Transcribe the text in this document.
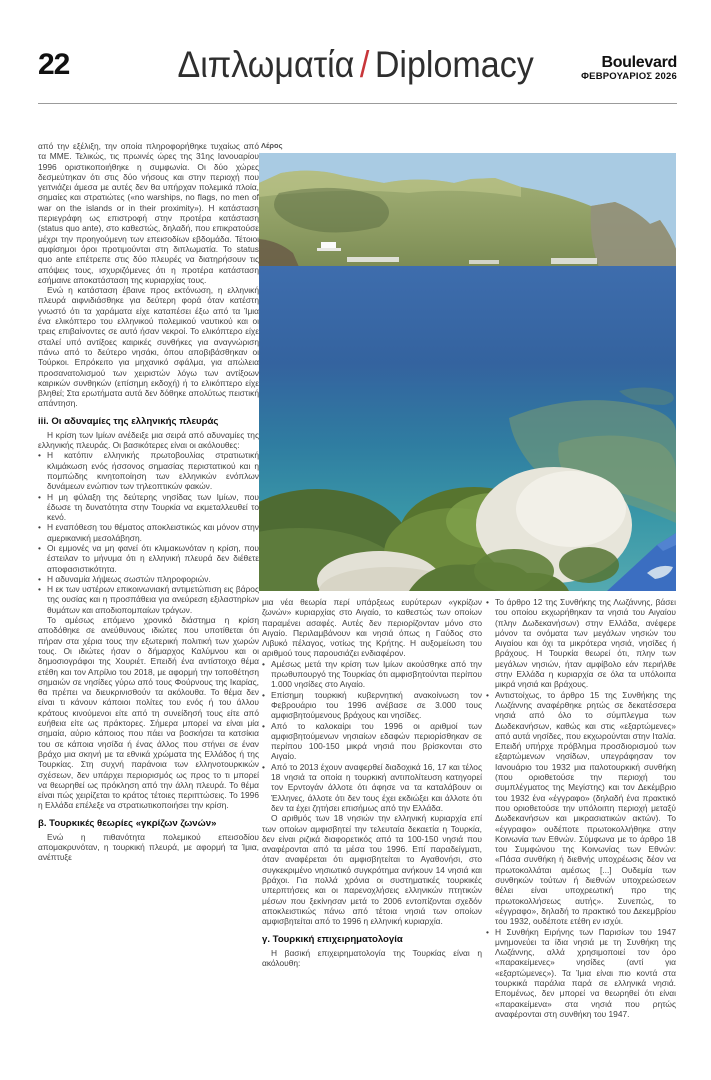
22	Διπλωματία / Diplomacy	Boulevard
ΦΕΒΡΟΥΑΡΙΟΣ 2026
Λέρος
από την εξέλιξη, την οποία πληροφορήθηκε τυχαίως από τα ΜΜΕ. Τελικώς, τις πρωινές ώρες της 31ης Ιανουαρίου 1996 οριστικοποιήθηκε η συμφωνία. Οι δύο χώρες δεσμεύτηκαν ότι στις δύο νήσους και στην περιοχή που γειτνιάζει άμεσα με αυτές δεν θα υπήρχαν πολεμικά πλοία, σημαίες και στρατιώτες («no warships, no flags, no men of war on the islands or in their proximity»). Η κατάσταση περιεγράφη ως επιστροφή στην προτέρα κατάσταση (status quo ante), στο καθεστώς, δηλαδή, που επικρατούσε μέχρι την προηγούμενη των επεισοδίων εβδομάδα. Τέτοιοι αμφίσημοι όροι προτιμούνται στη διπλωματία. Το status quo ante επέτρεπε στις δύο πλευρές να διατηρήσουν τις απόψεις τους, ισχυριζόμενες ότι η προτέρα κατάσταση εσήμαινε αποκατάσταση της κυριαρχίας τους.
Ενώ η κατάσταση έβαινε προς εκτόνωση, η ελληνική πλευρά αιφνιδιάσθηκε για δεύτερη φορά όταν κατέστη γνωστό ότι τα χαράματα είχε καταπέσει έξω από τα Ίμια ένα ελικόπτερο του ελληνικού πολεμικού ναυτικού και οι τρεις επιβαίνοντες σε αυτό ήσαν νεκροί. Το ελικόπτερο είχε σταλεί υπό αντίξοες καιρικές συνθήκες για αναγνώριση πάνω από το δεύτερο νησάκι, όπου αποβιβάσθηκαν οι Τούρκοι. Επρόκειτο για μηχανικό σφάλμα, για απώλεια προσανατολισμού των χειριστών λόγω των αντίξοων καιρικών συνθηκών (επίσημη εκδοχή) ή το ελικόπτερο είχε βληθεί; Στα ερωτήματα αυτά δεν δόθηκε απολύτως πειστική απάντηση.
iii. Οι αδυναμίες της ελληνικής πλευράς
Η κρίση των Ιμίων ανέδειξε μια σειρά από αδυναμίες της ελληνικής πλευράς. Οι βασικότερες είναι οι ακόλουθες:
• Η κατόπιν ελληνικής πρωτοβουλίας στρατιωτική κλιμάκωση ενός ήσσονος σημασίας περιστατικού και η πομπώδης κινητοποίηση των ελληνικών ενόπλων δυνάμεων ενώπιον των τηλεοπτικών φακών.
• Η μη φύλαξη της δεύτερης νησίδας των Ιμίων, που έδωσε τη δυνατότητα στην Τουρκία να εκμεταλλευθεί το κενό.
• Η εναπόθεση του θέματος αποκλειστικώς και μόνον στην αμερικανική μεσολάβηση.
• Οι εμμονές να μη φανεί ότι κλιμακωνόταν η κρίση, που έστειλαν το μήνυμα ότι η ελληνική πλευρά δεν διέθετε αποφασιστικότητα.
• Η αδυναμία λήψεως σωστών πληροφοριών.
• Η εκ των υστέρων επικοινωνιακή αντιμετώπιση εις βάρος της ουσίας και η προσπάθεια για ανεύρεση εξιλαστηρίων θυμάτων και αποδιοπομπαίων τράγων.
Το αμέσως επόμενο χρονικό διάστημα η κρίση αποδόθηκε σε ανεύθυνους ιδιώτες που υποτίθεται ότι πήραν στα χέρια τους την εξωτερική πολιτική των χωρών τους. Οι ιδιώτες ήσαν ο δήμαρχος Καλύμνου και οι δημοσιογράφοι της Χουριέτ. Επειδή ένα αντίστοιχο θέμα ετέθη και τον Απρίλιο του 2018, με αφορμή την τοποθέτηση σημαιών σε νησίδες γύρω από τους Φούρνους της Ικαρίας, θα πρέπει να διευκρινισθούν τα ακόλουθα. Το θέμα δεν είναι τι κάνουν κάποιοι πολίτες του ενός ή του άλλου κράτους κινούμενοι είτε από τη συνείδησή τους είτε από ευήθεια είτε ως πράκτορες. Σήμερα μπορεί να είναι μία σημαία, αύριο κάποιος που πάει να βοσκήσει τα κατσίκια του σε κάποια νησίδα ή ένας άλλος που στήνει σε έναν βράχο μια σκηνή με τα εθνικά χρώματα της Ελλάδος ή της Τουρκίας. Στη συχνή παράνοια των ελληνοτουρκικών σχέσεων, δεν υπάρχει περιορισμός ως προς το τι μπορεί να θεωρηθεί ως πρόκληση από την άλλη πλευρά. Το θέμα είναι πώς χειρίζεται το κράτος τέτοιες περιπτώσεις. Το 1996 η Ελλάδα επέλεξε να στρατιωτικοποιήσει την κρίση.
β. Τουρκικές θεωρίες «γκρίζων ζωνών»
Ενώ η πιθανότητα πολεμικού επεισοδίου απομακρυνόταν, η τουρκική πλευρά, με αφορμή τα Ίμια, ανέπτυξε
μια νέα θεωρία περί υπάρξεως ευρύτερων «γκρίζων ζωνών» κυριαρχίας στο Αιγαίο, το καθεστώς των οποίων παραμένει ασαφές. Αυτές δεν περιορίζονταν μόνο στο Αιγαίο. Περιλαμβάνουν και νησιά όπως η Γαύδος στο Λιβυκό πέλαγος, νοτίως της Κρήτης. Η αυξομείωση του αριθμού τους παρουσιάζει ενδιαφέρον.
• Αμέσως μετά την κρίση των Ιμίων ακούσθηκε από την πρωθυπουργό της Τουρκίας ότι αμφισβητούνται περίπου 1.000 νησίδες στο Αιγαίο.
• Επίσημη τουρκική κυβερνητική ανακοίνωση τον Φεβρουάριο του 1996 ανέβασε σε 3.000 τους αμφισβητούμενους βράχους και νησίδες.
• Από το καλοκαίρι του 1996 οι αριθμοί των αμφισβητούμενων νησιαίων εδαφών περιορίσθηκαν σε περίπου 100-150 μικρά νησιά που βρίσκονται στο Αιγαίο.
• Από το 2013 έχουν αναφερθεί διαδοχικά 16, 17 και τέλος 18 νησιά τα οποία η τουρκική αντιπολίτευση κατηγορεί τον Ερντογάν άλλοτε ότι άφησε να τα καταλάβουν οι Έλληνες, άλλοτε ότι δεν τους έχει εκδιώξει και άλλοτε ότι δεν τα έχει ζητήσει επισήμως από την Ελλάδα.
Ο αριθμός των 18 νησιών την ελληνική κυριαρχία επί των οποίων αμφισβητεί την τελευταία δεκαετία η Τουρκία, δεν είναι ριζικά διαφορετικός από τα 100-150 νησιά που αναφέρονται από τα μέσα του 1996. Επί παραδείγματι, όταν αναφέρεται ότι αμφισβητείται το Αγαθονήσι, στο συγκεκριμένο νησιωτικό συγκρότημα ανήκουν 14 νησιά και βράχοι. Για πολλά χρόνια οι συστηματικές τουρκικές υπερπτήσεις και οι παρενοχλήσεις ελληνικών πτητικών μέσων που ξεκίνησαν μετά το 2006 εντοπίζονται σχεδόν αποκλειστικώς πάνω από τέτοια νησιά των οποίων αμφισβητείται από το 1996 η ελληνική κυριαρχία.
γ. Τουρκική επιχειρηματολογία
Η βασική επιχειρηματολογία της Τουρκίας είναι η ακόλουθη:
• Το άρθρο 12 της Συνθήκης της Λωζάννης, βάσει του οποίου εκχωρήθηκαν τα νησιά του Αιγαίου (πλην Δωδεκανήσων) στην Ελλάδα, ανέφερε μόνον τα ονόματα των μεγάλων νησιών του Αιγαίου και όχι τα μικρότερα νησιά, νησίδες ή βράχους. Η Τουρκία θεωρεί ότι, πλην των μεγάλων νησιών, ήταν αμφίβολο εάν περιήλθε στην Ελλάδα η κυριαρχία σε όλα τα υπόλοιπα μικρά νησιά και βράχους.
• Αντιστοίχως, το άρθρο 15 της Συνθήκης της Λωζάννης αναφέρθηκε ρητώς σε δεκατέσσερα νησιά από όλο το σύμπλεγμα των Δωδεκανήσων, καθώς και στις «εξαρτώμενες» από αυτά νησίδες, που εκχωρούνται στην Ιταλία. Επειδή υπήρχε πρόβλημα προσδιορισμού των εξαρτώμενων νησίδων, υπεγράφησαν τον Ιανουάριο του 1932 μια ιταλοτουρκική συνθήκη (που οριοθετούσε την περιοχή του συμπλέγματος της Μεγίστης) και τον Δεκέμβριο του 1932 ένα «έγγραφο» (δηλαδή ένα πρακτικό που οριοθετούσε την υπόλοιπη περιοχή μεταξύ Δωδεκανήσων και μικρασιατικών ακτών). Το «έγγραφο» ουδέποτε πρωτοκολλήθηκε στην Κοινωνία των Εθνών. Σύμφωνα με το άρθρο 18 του Συμφώνου της Κοινωνίας των Εθνών: «Πάσα συνθήκη ή διεθνής υποχρέωσις δέον να πρωτοκολλάται αμέσως [...] Ουδεμία των συνθηκών τούτων ή διεθνών υποχρεώσεων θέλει είναι υποχρεωτική προ της πρωτοκολλήσεως αυτής». Συνεπώς, το «έγγραφο», δηλαδή το πρακτικό του Δεκεμβρίου του 1932, ουδέποτε ετέθη εν ισχύι.
• Η Συνθήκη Ειρήνης των Παρισίων του 1947 μνημονεύει τα ίδια νησιά με τη Συνθήκη της Λωζάννης, αλλά χρησιμοποιεί τον όρο «παρακείμενες» νησίδες (αντί για «εξαρτώμενες»). Τα Ίμια είναι πιο κοντά στα τουρκικά παράλια παρά σε ελληνικά νησιά. Επομένως, δεν μπορεί να θεωρηθεί ότι είναι «παρακείμενα» στα νησιά που ρητώς αναφέρονται στη συνθήκη του 1947.
